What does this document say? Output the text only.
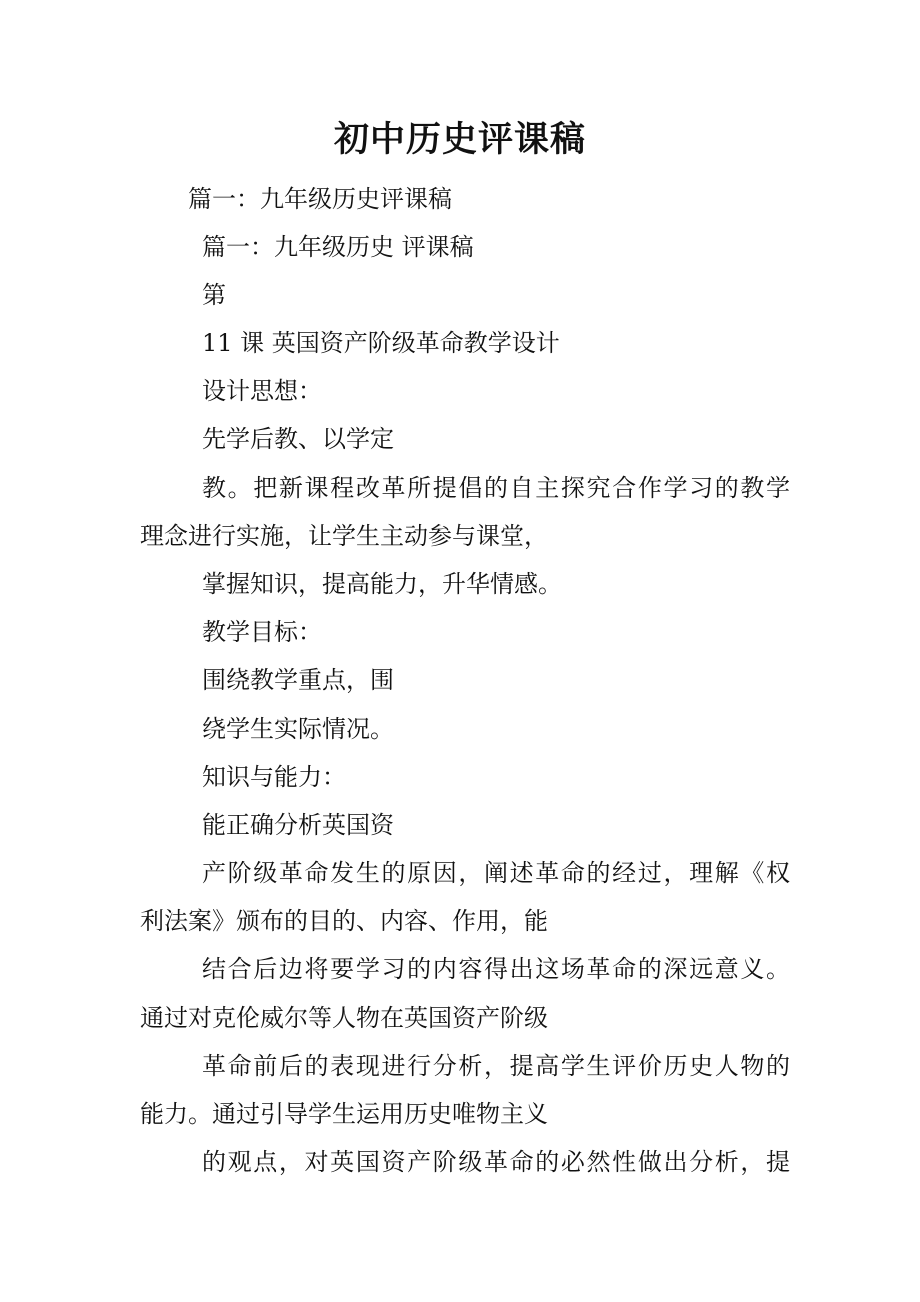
初中历史评课稿
篇一：九年级历史评课稿
篇一：九年级历史 评课稿
第
11 课 英国资产阶级革命教学设计
设计思想：
先学后教、以学定
教。把新课程改革所提倡的自主探究合作学习的教学
理念进行实施，让学生主动参与课堂，
掌握知识，提高能力，升华情感。
教学目标：
围绕教学重点，围
绕学生实际情况。
知识与能力：
能正确分析英国资
产阶级革命发生的原因，阐述革命的经过，理解《权
利法案》颁布的目的、内容、作用，能
结合后边将要学习的内容得出这场革命的深远意义。
通过对克伦威尔等人物在英国资产阶级
革命前后的表现进行分析，提高学生评价历史人物的
能力。通过引导学生运用历史唯物主义
的观点，对英国资产阶级革命的必然性做出分析，提
